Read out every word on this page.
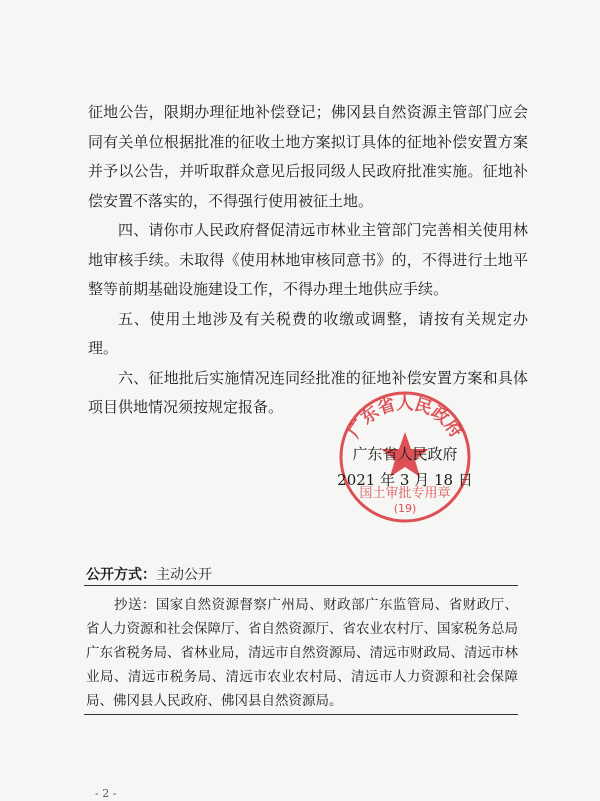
征地公告，限期办理征地补偿登记；佛冈县自然资源主管部门应会同有关单位根据批准的征收土地方案拟订具体的征地补偿安置方案并予以公告，并听取群众意见后报同级人民政府批准实施。征地补偿安置不落实的，不得强行使用被征土地。

四、请你市人民政府督促清远市林业主管部门完善相关使用林地审核手续。未取得《使用林地审核同意书》的，不得进行土地平整等前期基础设施建设工作，不得办理土地供应手续。

五、使用土地涉及有关税费的收缴或调整，请按有关规定办理。

六、征地批后实施情况连同经批准的征地补偿安置方案和具体项目供地情况须按规定报备。

广东省人民政府
国土审批专用章
(19)
广东省人民政府
2021 年 3 月 18 日
公开方式：主动公开
抄送：国家自然资源督察广州局、财政部广东监管局、省财政厅、省人力资源和社会保障厅、省自然资源厅、省农业农村厅、国家税务总局广东省税务局、省林业局，清远市自然资源局、清远市财政局、清远市林业局、清远市税务局、清远市农业农村局、清远市人力资源和社会保障局、佛冈县人民政府、佛冈县自然资源局。
- 2 -
